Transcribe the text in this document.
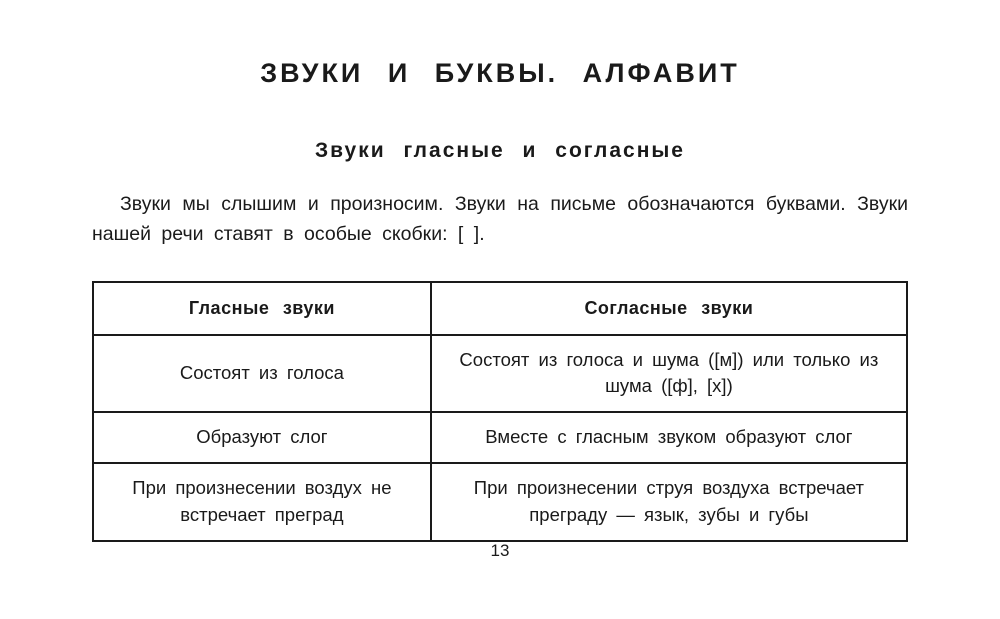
ЗВУКИ И БУКВЫ. АЛФАВИТ
Звуки гласные и согласные

Звуки мы слышим и произносим. Звуки на письме обозначаются буквами. Звуки нашей речи ставят в особые скобки: [ ].

Гласные звуки	Согласные звуки
Состоят из голоса	Состоят из голоса и шума ([м]) или только из шума ([ф], [х])
Образуют слог	Вместе с гласным звуком образуют слог
При произнесении воздух не встречает преград	При произнесении струя воздуха встречает преграду — язык, зубы и губы
13
